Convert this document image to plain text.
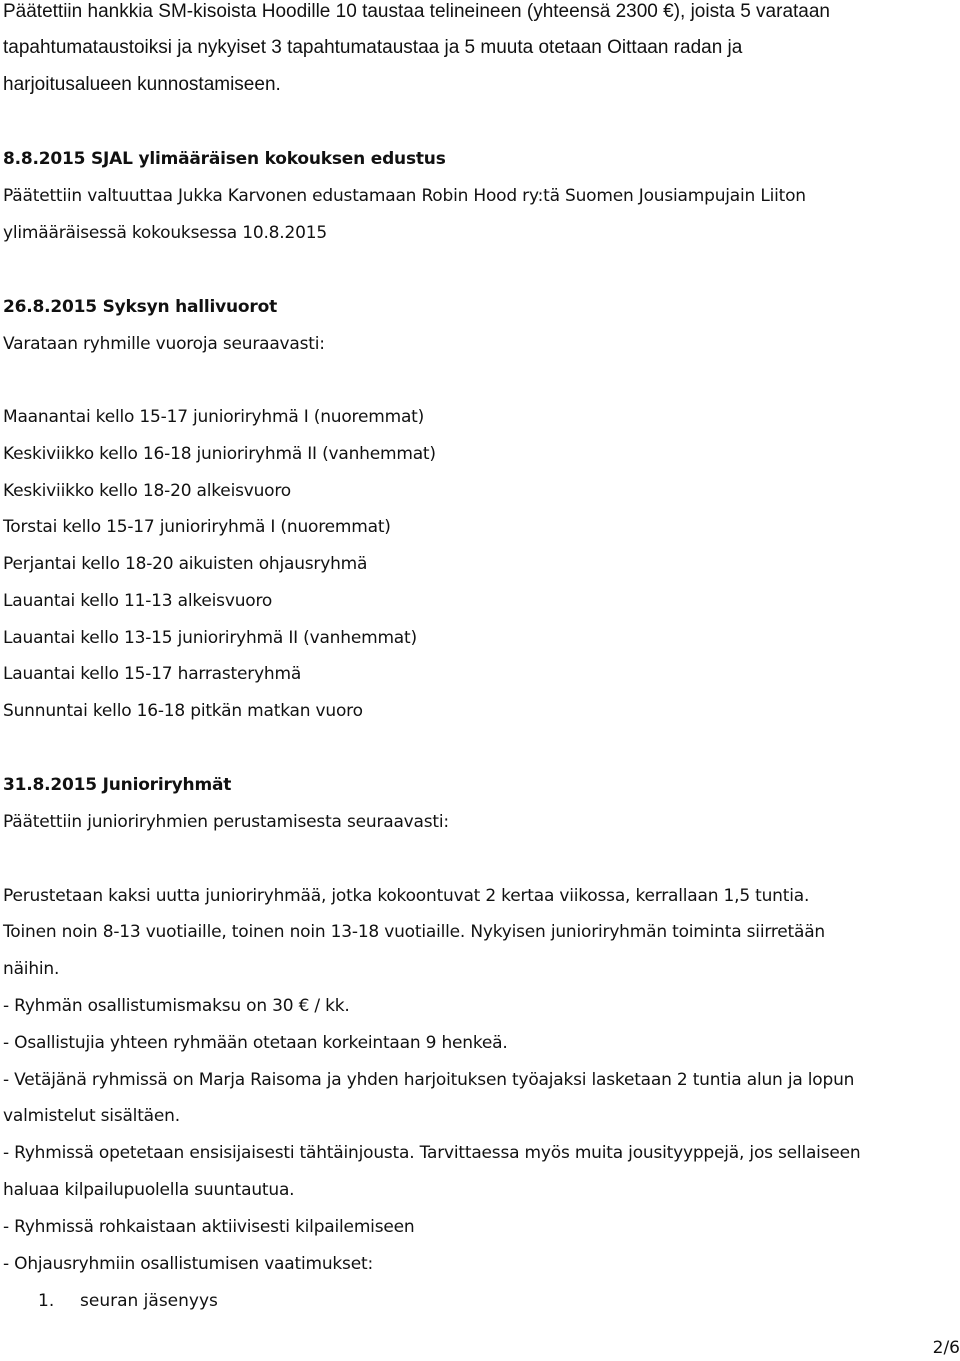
Päätettiin hankkia SM-kisoista Hoodille 10 taustaa telineineen (yhteensä 2300 €), joista 5 varataan
tapahtumataustoiksi ja nykyiset 3 tapahtumataustaa ja 5 muuta otetaan Oittaan radan ja
harjoitusalueen kunnostamiseen.
8.8.2015 SJAL ylimääräisen kokouksen edustus
Päätettiin valtuuttaa Jukka Karvonen edustamaan Robin Hood ry:tä Suomen Jousiampujain Liiton
ylimääräisessä kokouksessa 10.8.2015
26.8.2015 Syksyn hallivuorot
Varataan ryhmille vuoroja seuraavasti:
Maanantai kello 15-17 junioriryhmä I (nuoremmat)
Keskiviikko kello 16-18 junioriryhmä II (vanhemmat)
Keskiviikko kello 18-20 alkeisvuoro
Torstai kello 15-17 junioriryhmä I (nuoremmat)
Perjantai kello 18-20 aikuisten ohjausryhmä
Lauantai kello 11-13 alkeisvuoro
Lauantai kello 13-15 junioriryhmä II (vanhemmat)
Lauantai kello 15-17 harrasteryhmä
Sunnuntai kello 16-18 pitkän matkan vuoro
31.8.2015 Junioriryhmät
Päätettiin junioriryhmien perustamisesta seuraavasti:
Perustetaan kaksi uutta junioriryhmää, jotka kokoontuvat 2 kertaa viikossa, kerrallaan 1,5 tuntia.
Toinen noin 8-13 vuotiaille, toinen noin 13-18 vuotiaille. Nykyisen junioriryhmän toiminta siirretään
näihin.
- Ryhmän osallistumismaksu on 30 € / kk.
- Osallistujia yhteen ryhmään otetaan korkeintaan 9 henkeä.
- Vetäjänä ryhmissä on Marja Raisoma ja yhden harjoituksen työajaksi lasketaan 2 tuntia alun ja lopun
valmistelut sisältäen.
- Ryhmissä opetetaan ensisijaisesti tähtäinjousta. Tarvittaessa myös muita jousityyppejä, jos sellaiseen
haluaa kilpailupuolella suuntautua.
- Ryhmissä rohkaistaan aktiivisesti kilpailemiseen
- Ohjausryhmiin osallistumisen vaatimukset:
1. seuran jäsenyys
2/6
